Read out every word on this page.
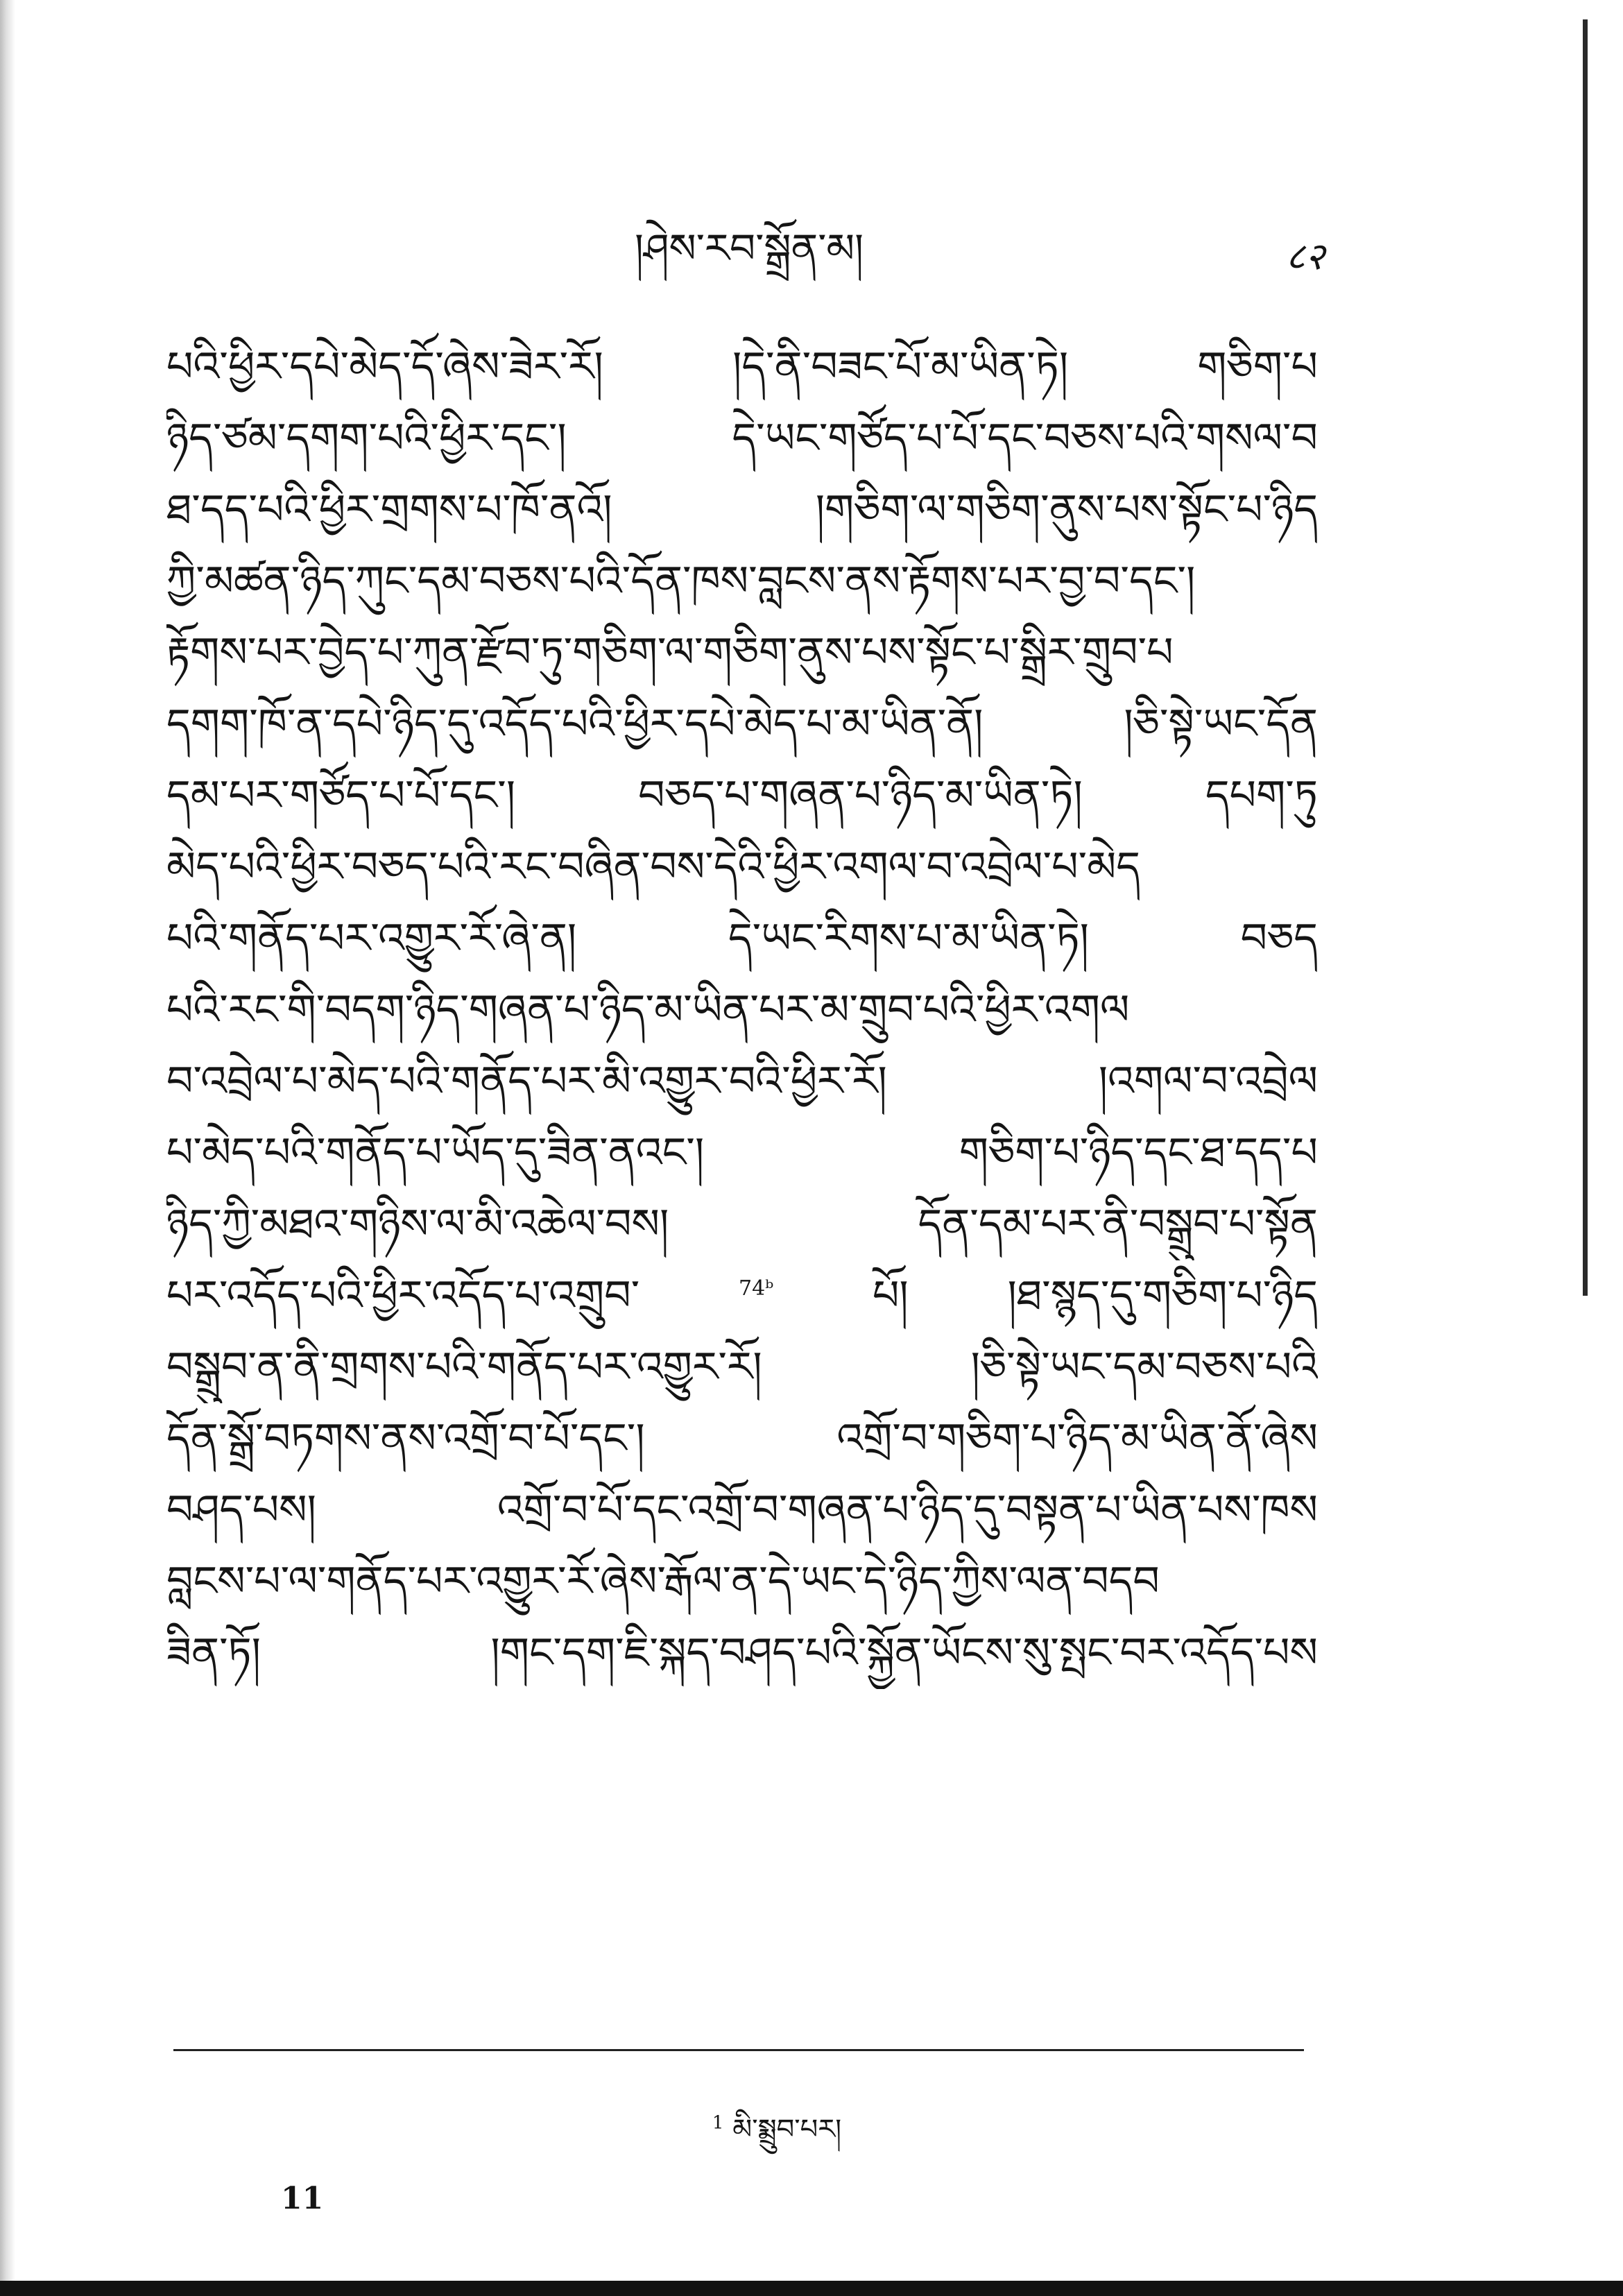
།ཤེས་རབ་སྒྲོན་མ།	८२
པའི་ཕྱིར་དཔེ་མེད་དོ་ཞེས་ཟེར་རོ། །དེ་ནི་བཟང་པོ་མ་ཡིན་ཏེ། གཅིག་པ
ཉིད་ཙམ་དགག་པའི་ཕྱིར་དང་། དེ་ཡང་གཙོད་པ་པོ་དང་བཅས་པའི་གསལ་བ
ཐ་དད་པའི་ཕྱིར་གྲགས་པ་ཁོ་ནའོ། །གཅིག་ལ་གཅིག་ནུས་པས་སྟོང་པ་ཉིད
ཀྱི་མཚན་ཉིད་ཀུང་དམ་བཅས་པའི་དོན་ཁས་བླངས་ནས་རྟོགས་པར་བྱ་བ་དང་།
རྟོགས་པར་བྱེད་པ་ཀུན་རྫོབ་ཏུ་གཅིག་ལ་གཅིག་ནུས་པས་སྟོང་པ་སྒྲིར་གྲུབ་པ
དགག་ཁོ་ན་དཔེ་ཉིད་དུ་འདོད་པའི་ཕྱིར་དཔེ་མེད་པ་མ་ཡིན་ནོ། །ཅི་སྟེ་ཡང་དོན
དམ་པར་གཙོད་པ་པོ་དང་། བཅད་པ་གཞན་པ་ཉིད་མ་ཡིན་ཏེ། དཔག་ཏུ
མེད་པའི་ཕྱིར་བཅད་པའི་རང་བཞིན་བས་དེའི་ཕྱིར་འགལ་བ་འབྲེལ་པ་མེད
པའི་གནོད་པར་འགྱུར་རོ་ཞེ་ན། དེ་ཡང་རིགས་པ་མ་ཡིན་ཏེ། བཅད
པའི་རང་གི་བདག་ཉིད་གཞན་པ་ཉིད་མ་ཡིན་པར་མ་གྲུབ་པའི་ཕྱིར་འགལ
བ་འབྲེལ་པ་མེད་པའི་གནོད་པར་མི་འགྱུར་བའི་ཕྱིར་རོ། །འགལ་བ་འབྲེལ
པ་མེད་པའི་གནོད་པ་ཡོད་དུ་ཟིན་ནའང་། གཅིག་པ་ཉིད་དང་ཐ་དད་པ
ཉིད་ཀྱི་མཐའ་གཉིས་ལ་མི་འཆེལ་བས། དོན་དམ་པར་ནི་བསྒྲུབ་པ་སྟོན
པར་འདོད་པའི་ཕྱིར་འདོད་པ་འགྲུབ་ $^{74ᵇ}$ པོ། །ཐ་སྙད་དུ་གཅིག་པ་ཉིད
བསྒྲུབ་ན་ནི་གྲགས་པའི་གནོད་པར་འགྱུར་རོ། །ཅི་སྟེ་ཡང་དམ་བཅས་པའི
དོན་སྒྲོ་བཏགས་ནས་འགྲོ་བ་པོ་དང་། འགྲོ་བ་གཅིག་པ་ཉིད་མ་ཡིན་ནོ་ཞེས
བཤད་པས། འགྲོ་བ་པོ་དང་འགྲོ་བ་གཞན་པ་ཉིད་དུ་བསྟན་པ་ཡིན་པས་ཁས
བླངས་པ་ལ་གནོད་པར་འགྱུར་རོ་ཞེས་རྒོལ་ན་དེ་ཡང་དེ་ཉིད་ཀྱིས་ལན་བདབ
ཟིན་ཏོ། །གང་དག་ཇི་སྐད་བཤད་པའི་སྐྱོན་ཡོངས་སུ་སྤང་བར་འདོད་པས
$^1$ མི་སྨྲུབ་པར།
11
